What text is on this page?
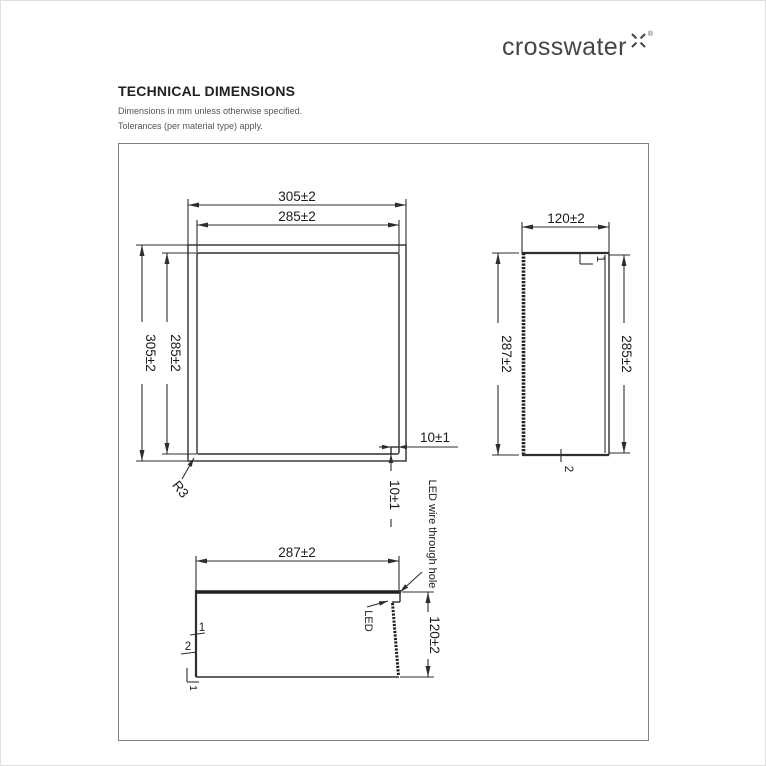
crosswater	®

TECHNICAL DIMENSIONS

Dimensions in mm unless otherwise specified.

Tolerances (per material type) apply.

305±2
285±2
305±2 285±2
10±1
10±1
R3
120±2
287±2	285±2
1
2
287±2
120±2
LED wire through hole
LED
1
2
1
